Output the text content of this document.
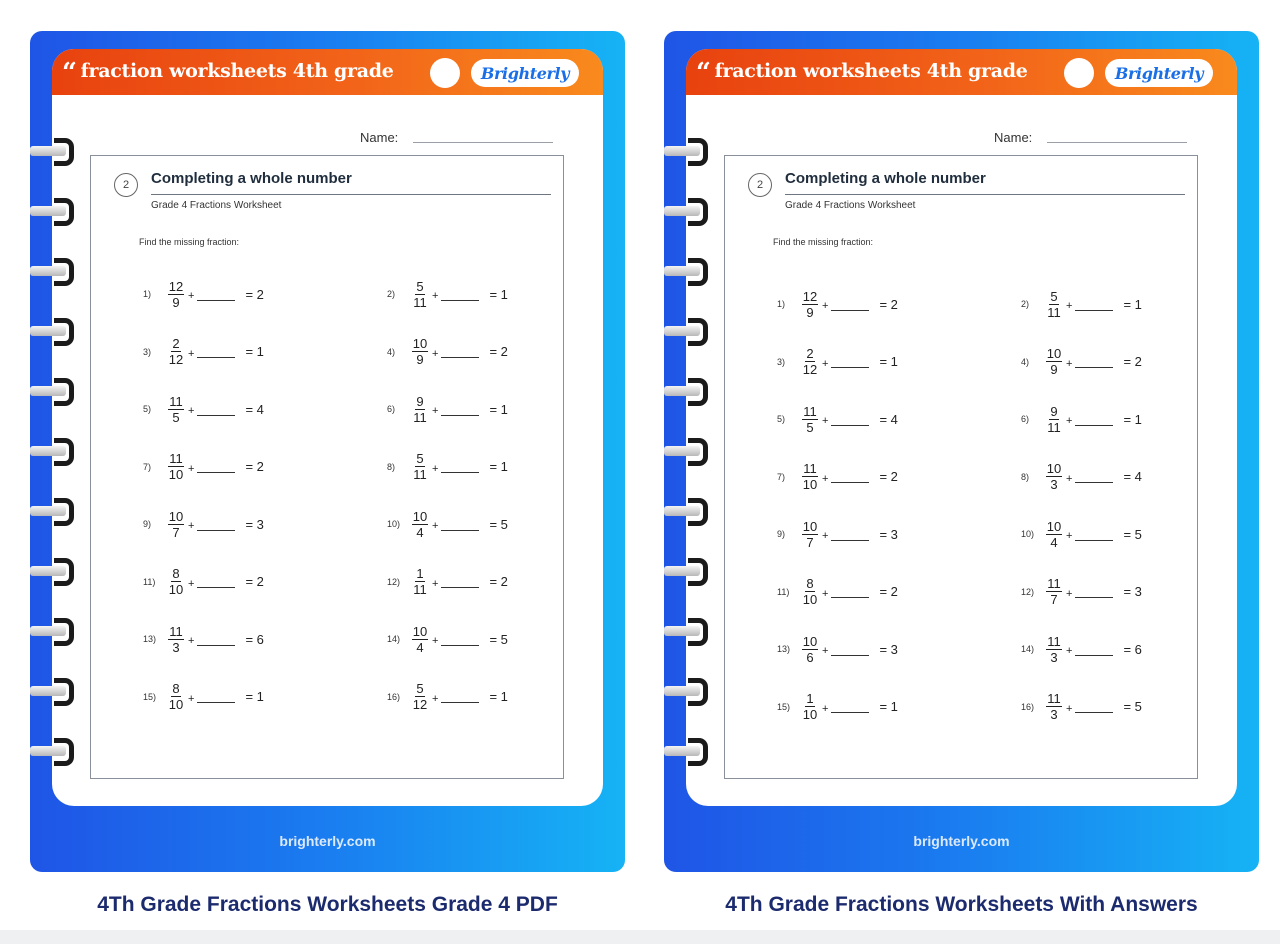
“ fraction worksheets 4th grade	Brighterly
Name:
2	Completing a whole number
Grade 4 Fractions Worksheet
Find the missing fraction:
1)	$\frac{12}{9}$ +	= 2	2)	$\frac{5}{11}$ +	= 1
3)	$\frac{2}{12}$ +	= 1	4)	$\frac{10}{9}$ +	= 2
5)	$\frac{11}{5}$ +	= 4	6)	$\frac{9}{11}$ +	= 1
7)	$\frac{11}{10}$ +	= 2	8)	$\frac{5}{11}$ +	= 1
9)	$\frac{10}{7}$ +	= 3	$10) \frac{10}{4}$ +	= 5
$11) \frac{8}{10}$ +	= 2	$12) \frac{1}{11}$ +	= 2
$13) \frac{11}{3}$ +	= 6	$14) \frac{10}{4}$ +	= 5
$15) \frac{8}{10}$ +	= 1	$16) \frac{5}{12}$ +	= 1
brighterly.com
“ fraction worksheets 4th grade	Brighterly
Name:
2	Completing a whole number
Grade 4 Fractions Worksheet
Find the missing fraction:
1)	$\frac{12}{9}$ +	= 2	2)	$\frac{5}{11}$ +	= 1
3)	$\frac{2}{12}$ +	= 1	4)	$\frac{10}{9}$ +	= 2
5)	$\frac{11}{5}$ +	= 4	6)	$\frac{9}{11}$ +	= 1
7)	$\frac{11}{10}$ +	= 2	8)	$\frac{10}{3}$ +	= 4
9)	$\frac{10}{7}$ +	= 3	$10) \frac{10}{4}$ +	= 5
$11) \frac{8}{10}$ +	= 2	$12) \frac{11}{7}$ +	= 3
$13) \frac{10}{6}$ +	= 3	$14) \frac{11}{3}$ +	= 6
$15) \frac{1}{10}$ +	= 1	$16) \frac{11}{3}$ +	= 5
brighterly.com
4Th Grade Fractions Worksheets Grade 4 PDF	4Th Grade Fractions Worksheets With Answers
